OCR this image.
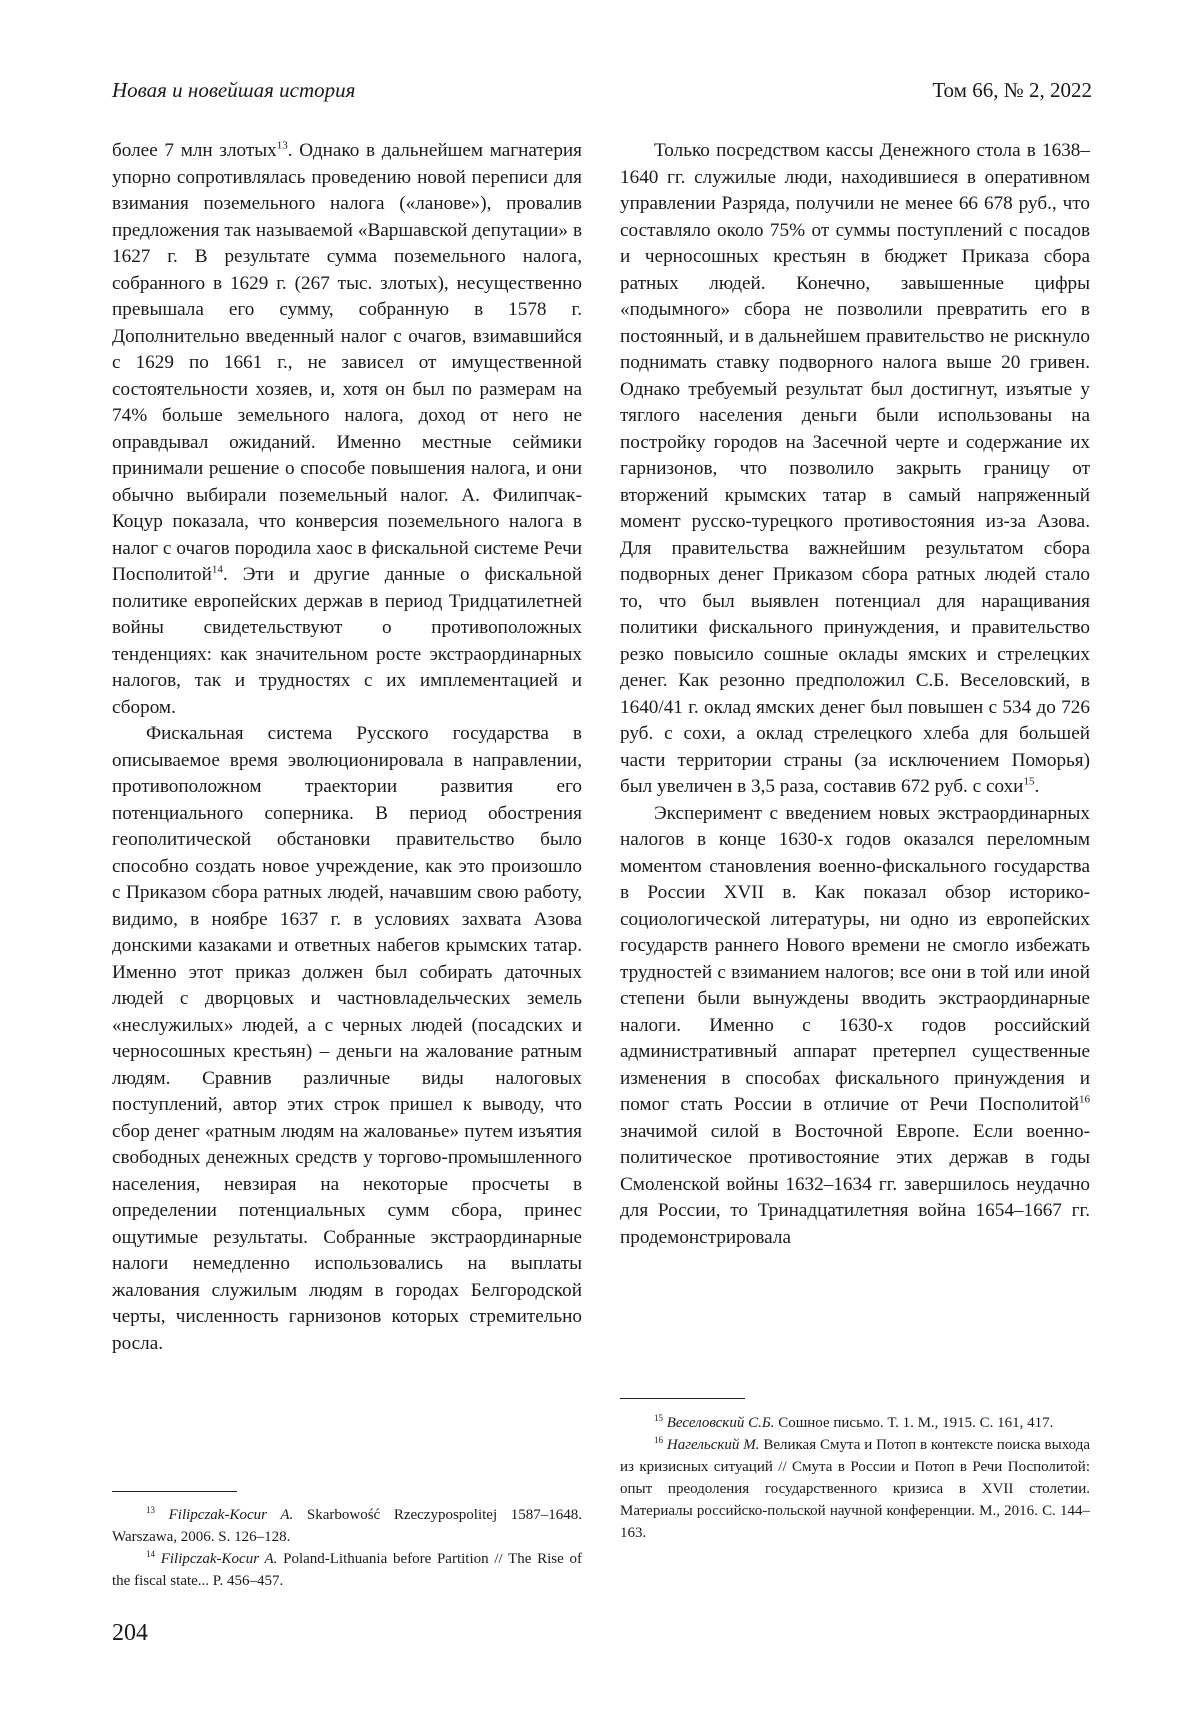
Новая и новейшая история	Том 66, № 2, 2022

более 7 млн злотых$^{13}$. Однако в дальнейшем магнатерия упорно сопротивлялась проведению новой переписи для взимания поземельного налога («ланове»), провалив предложения так называемой «Варшавской депутации» в 1627 г. В результате сумма поземельного налога, собранного в 1629 г. (267 тыс. злотых), несущественно превышала его сумму, собранную в 1578 г. Дополнительно введенный налог с очагов, взимавшийся с 1629 по 1661 г., не зависел от имущественной состоятельности хозяев, и, хотя он был по размерам на 74% больше земельного налога, доход от него не оправдывал ожиданий. Именно местные сеймики принимали решение о способе повышения налога, и они обычно выбирали поземельный налог. А. Филипчак-Коцур показала, что конверсия поземельного налога в налог с очагов породила хаос в фискальной системе Речи Посполитой$^{14}$. Эти и другие данные о фискальной политике европейских держав в период Тридцатилетней войны свидетельствуют о противоположных тенденциях: как значительном росте экстраординарных налогов, так и трудностях с их имплементацией и сбором.

Фискальная система Русского государства в описываемое время эволюционировала в направлении, противоположном траектории развития его потенциального соперника. В период обострения геополитической обстановки правительство было способно создать новое учреждение, как это произошло с Приказом сбора ратных людей, начавшим свою работу, видимо, в ноябре 1637 г. в условиях захвата Азова донскими казаками и ответных набегов крымских татар. Именно этот приказ должен был собирать даточных людей с дворцовых и частновладельческих земель «неслужилых» людей, а с черных людей (посадских и черносошных крестьян) – деньги на жалование ратным людям. Сравнив различные виды налоговых поступлений, автор этих строк пришел к выводу, что сбор денег «ратным людям на жалованье» путем изъятия свободных денежных средств у торгово-промышленного населения, невзирая на некоторые просчеты в определении потенциальных сумм сбора, принес ощутимые результаты. Собранные экстраординарные налоги немедленно использовались на выплаты жалования служилым людям в городах Белгородской черты, численность гарнизонов которых стремительно росла.

Только посредством кассы Денежного стола в 1638–1640 гг. служилые люди, находившиеся в оперативном управлении Разряда, получили не менее 66 678 руб., что составляло около 75% от суммы поступлений с посадов и черносошных крестьян в бюджет Приказа сбора ратных людей. Конечно, завышенные цифры «подымного» сбора не позволили превратить его в постоянный, и в дальнейшем правительство не рискнуло поднимать ставку подворного налога выше 20 гривен. Однако требуемый результат был достигнут, изъятые у тяглого населения деньги были использованы на постройку городов на Засечной черте и содержание их гарнизонов, что позволило закрыть границу от вторжений крымских татар в самый напряженный момент русско-турецкого противостояния из-за Азова. Для правительства важнейшим результатом сбора подворных денег Приказом сбора ратных людей стало то, что был выявлен потенциал для наращивания политики фискального принуждения, и правительство резко повысило сошные оклады ямских и стрелецких денег. Как резонно предположил С.Б. Веселовский, в 1640/41 г. оклад ямских денег был повышен с 534 до 726 руб. с сохи, а оклад стрелецкого хлеба для большей части территории страны (за исключением Поморья) был увеличен в 3,5 раза, составив 672 руб. с сохи$^{15}$.

Эксперимент с введением новых экстраординарных налогов в конце 1630-х годов оказался переломным моментом становления военно-фискального государства в России XVII в. Как показал обзор историко-социологической литературы, ни одно из европейских государств раннего Нового времени не смогло избежать трудностей с взиманием налогов; все они в той или иной степени были вынуждены вводить экстраординарные налоги. Именно с 1630-х годов российский административный аппарат претерпел существенные изменения в способах фискального принуждения и помог стать России в отличие от Речи Посполитой$^{16}$ значимой силой в Восточной Европе. Если военно-политическое противостояние этих держав в годы Смоленской войны 1632–1634 гг. завершилось неудачно для России, то Тринадцатилетняя война 1654–1667 гг. продемонстрировала

$^{13}$ Filipczak-Kocur A. Skarbowość Rzeczypospolitej 1587–1648. Warszawa, 2006. S. 126–128.

$^{14}$ Filipczak-Kocur A. Poland-Lithuania before Partition // The Rise of the fiscal state... P. 456–457.

$^{15}$ Веселовский С.Б. Сошное письмо. Т. 1. М., 1915. С. 161, 417.

$^{16}$ Нагельский М. Великая Смута и Потоп в контексте поиска выхода из кризисных ситуаций // Смута в России и Потоп в Речи Посполитой: опыт преодоления государственного кризиса в XVII столетии. Материалы российско-польской научной конференции. М., 2016. С. 144–163.

204
